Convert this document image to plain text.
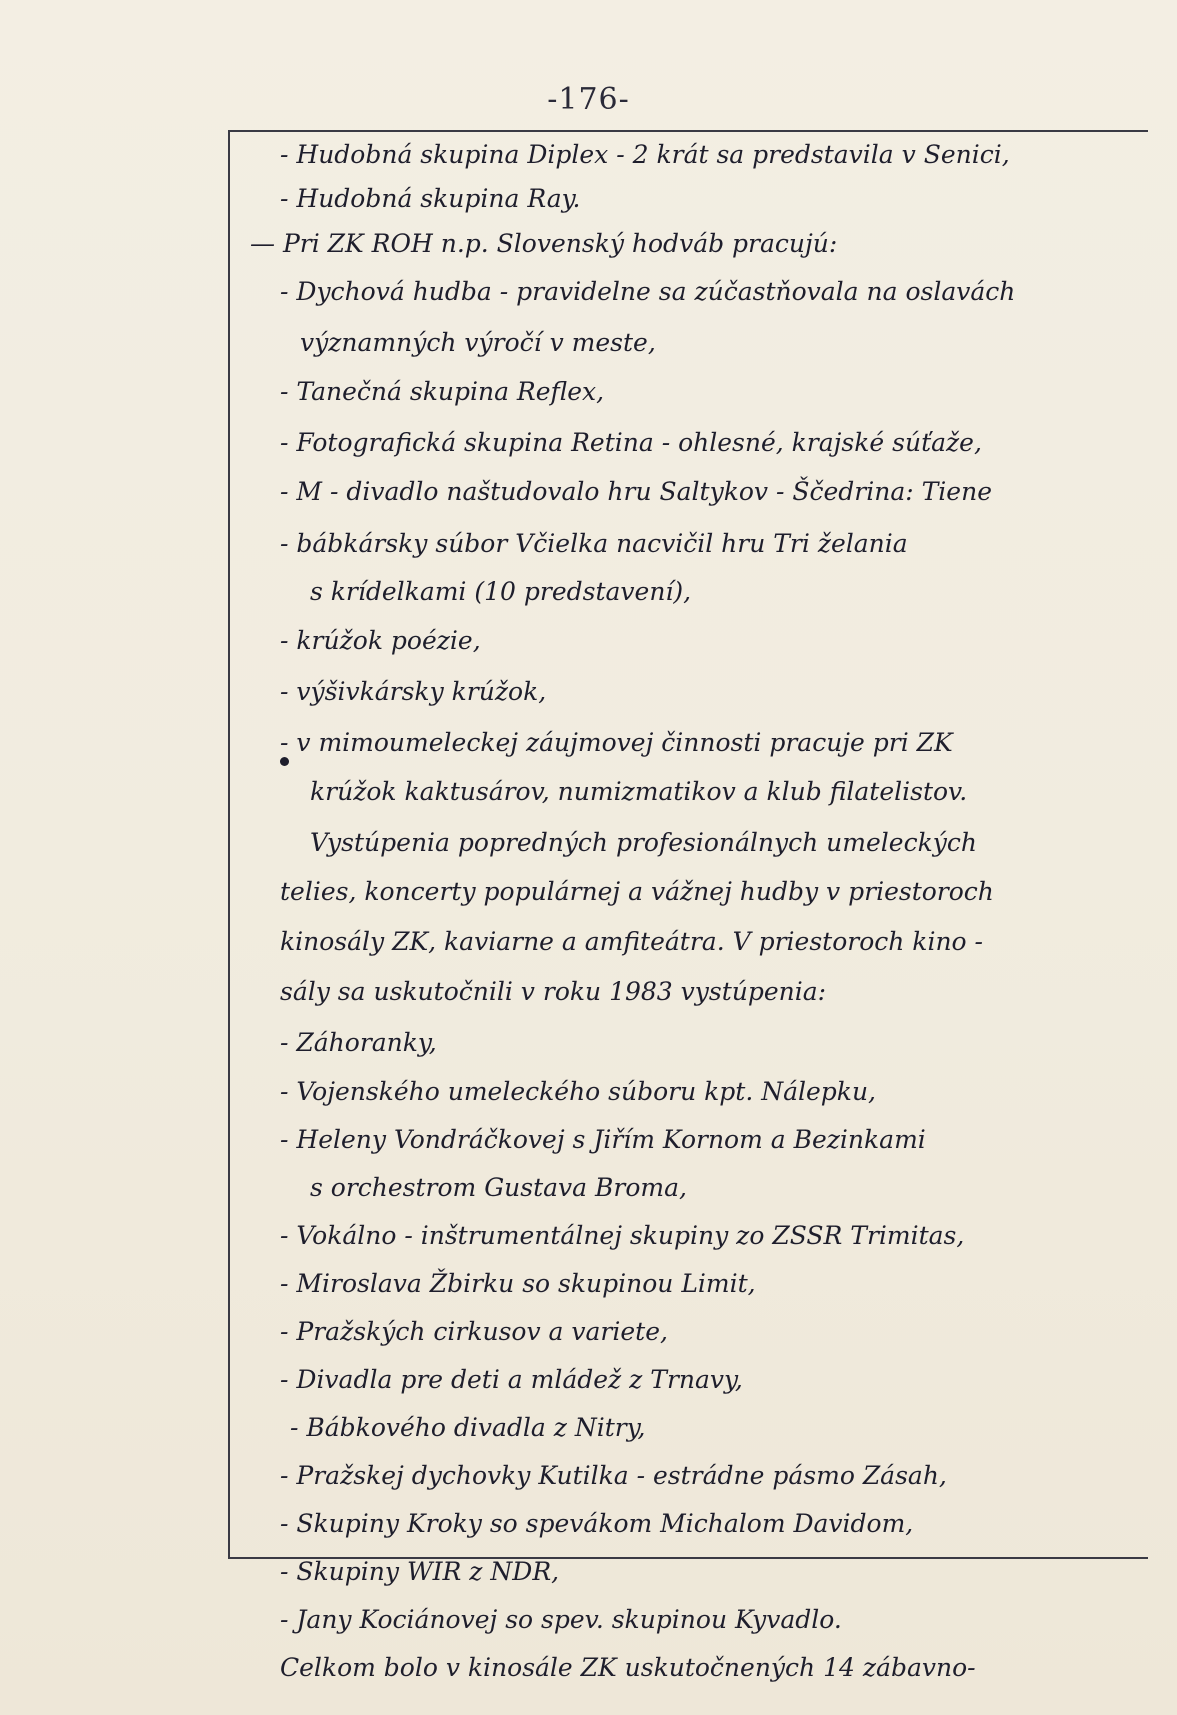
-176-
- Hudobná skupina Diplex - 2 krát sa predstavila v Senici,
- Hudobná skupina Ray.
— Pri ZK ROH n.p. Slovenský hodváb pracujú:
- Dychová hudba - pravidelne sa zúčastňovala na oslavách
významných výročí v meste,
- Tanečná skupina Reflex,
- Fotografická skupina Retina - ohlesné, krajské súťaže,
- M - divadlo naštudovalo hru Saltykov - Ščedrina: Tiene
- bábkársky súbor Včielka nacvičil hru Tri želania
s krídelkami (10 predstavení),
- krúžok poézie,
- výšivkársky krúžok,
- v mimoumeleckej záujmovej činnosti pracuje pri ZK
krúžok kaktusárov, numizmatikov a klub filatelistov.
Vystúpenia popredných profesionálnych umeleckých
telies, koncerty populárnej a vážnej hudby v priestoroch
kinosály ZK, kaviarne a amfiteátra. V priestoroch kino -
sály sa uskutočnili v roku 1983 vystúpenia:
- Záhoranky,
- Vojenského umeleckého súboru kpt. Nálepku,
- Heleny Vondráčkovej s Jiřím Kornom a Bezinkami
s orchestrom Gustava Broma,
- Vokálno - inštrumentálnej skupiny zo ZSSR Trimitas,
- Miroslava Žbirku so skupinou Limit,
- Pražských cirkusov a variete,
- Divadla pre deti a mládež z Trnavy,
- Bábkového divadla z Nitry,
- Pražskej dychovky Kutilka - estrádne pásmo Zásah,
- Skupiny Kroky so spevákom Michalom Davidom,
- Skupiny WIR z NDR,
- Jany Kociánovej so spev. skupinou Kyvadlo.
Celkom bolo v kinosále ZK uskutočnených 14 zábavno-
